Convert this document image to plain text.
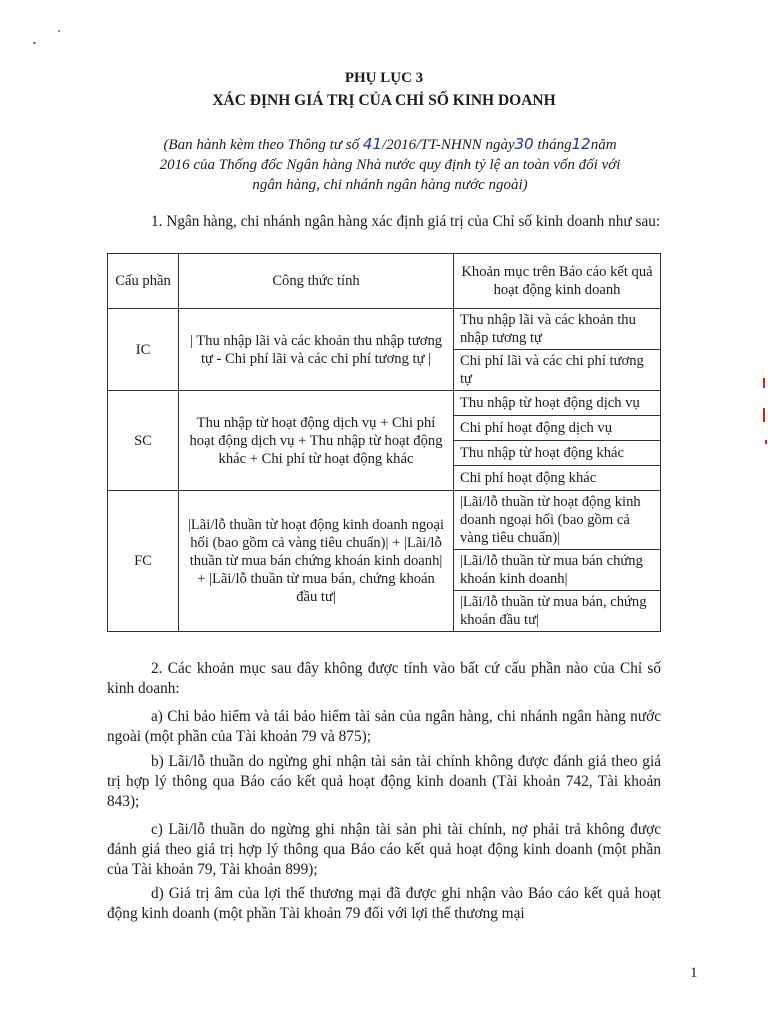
PHỤ LỤC 3
XÁC ĐỊNH GIÁ TRỊ CỦA CHỈ SỐ KINH DOANH
(Ban hành kèm theo Thông tư số 41/2016/TT-NHNN ngày30 tháng12năm
2016 của Thống đốc Ngân hàng Nhà nước quy định tỷ lệ an toàn vốn đối với
ngân hàng, chi nhánh ngân hàng nước ngoài)
1. Ngân hàng, chi nhánh ngân hàng xác định giá trị của Chỉ số kinh doanh như sau:
Cấu phần	Công thức tính	Khoản mục trên Báo cáo kết quả hoạt động kinh doanh
IC	| Thu nhập lãi và các khoản thu nhập tương tự - Chi phí lãi và các chi phí tương tự |	Thu nhập lãi và các khoản thu nhập tương tự
		Chi phí lãi và các chi phí tương tự
SC	Thu nhập từ hoạt động dịch vụ + Chi phí hoạt động dịch vụ + Thu nhập từ hoạt động khác + Chi phí từ hoạt động khác	Thu nhập từ hoạt động dịch vụ
		Chi phí hoạt động dịch vụ
		Thu nhập từ hoạt động khác
		Chi phí hoạt động khác
FC	|Lãi/lỗ thuần từ hoạt động kinh doanh ngoại hối (bao gồm cả vàng tiêu chuẩn)| + |Lãi/lỗ thuần từ mua bán chứng khoán kinh doanh| + |Lãi/lỗ thuần từ mua bán, chứng khoán đầu tư|	|Lãi/lỗ thuần từ hoạt động kinh doanh ngoại hối (bao gồm cả vàng tiêu chuẩn)|
		|Lãi/lỗ thuần từ mua bán chứng khoán kinh doanh|
		|Lãi/lỗ thuần từ mua bán, chứng khoán đầu tư|
2. Các khoản mục sau đây không được tính vào bất cứ cấu phần nào của Chỉ số kinh doanh:
a) Chi bảo hiểm và tái bảo hiểm tài sản của ngân hàng, chi nhánh ngân hàng nước ngoài (một phần của Tài khoản 79 và 875);
b) Lãi/lỗ thuần do ngừng ghi nhận tài sản tài chính không được đánh giá theo giá trị hợp lý thông qua Báo cáo kết quả hoạt động kinh doanh (Tài khoản 742, Tài khoản 843);
c) Lãi/lỗ thuần do ngừng ghi nhận tài sản phi tài chính, nợ phải trả không được đánh giá theo giá trị hợp lý thông qua Báo cáo kết quả hoạt động kinh doanh (một phần của Tài khoản 79, Tài khoản 899);
d) Giá trị âm của lợi thế thương mại đã được ghi nhận vào Báo cáo kết quả hoạt động kinh doanh (một phần Tài khoản 79 đối với lợi thế thương mại
1
